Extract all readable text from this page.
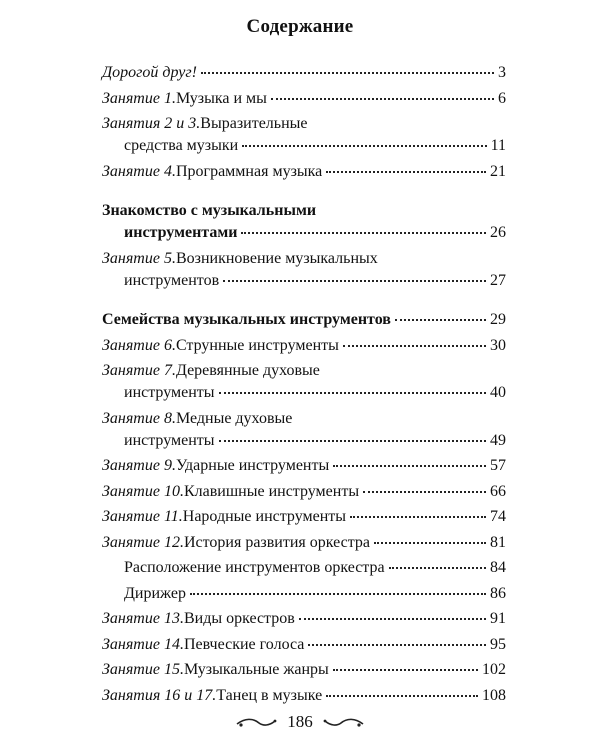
Содержание
Дорогой друг!	3
Занятие 1. Музыка и мы	6
Занятия 2 и 3. Выразительные
средства музыки	11
Занятие 4. Программная музыка	21
Знакомство с музыкальными
инструментами	26
Занятие 5. Возникновение музыкальных
инструментов	27
Семейства музыкальных инструментов	29
Занятие 6. Струнные инструменты	30
Занятие 7. Деревянные духовые
инструменты	40
Занятие 8. Медные духовые
инструменты	49
Занятие 9. Ударные инструменты	57
Занятие 10. Клавишные инструменты	66
Занятие 11. Народные инструменты	74
Занятие 12. История развития оркестра	81
Расположение инструментов оркестра	84
Дирижер	86
Занятие 13. Виды оркестров	91
Занятие 14. Певческие голоса	95
Занятие 15. Музыкальные жанры	102
Занятия 16 и 17. Танец в музыке	108
186
